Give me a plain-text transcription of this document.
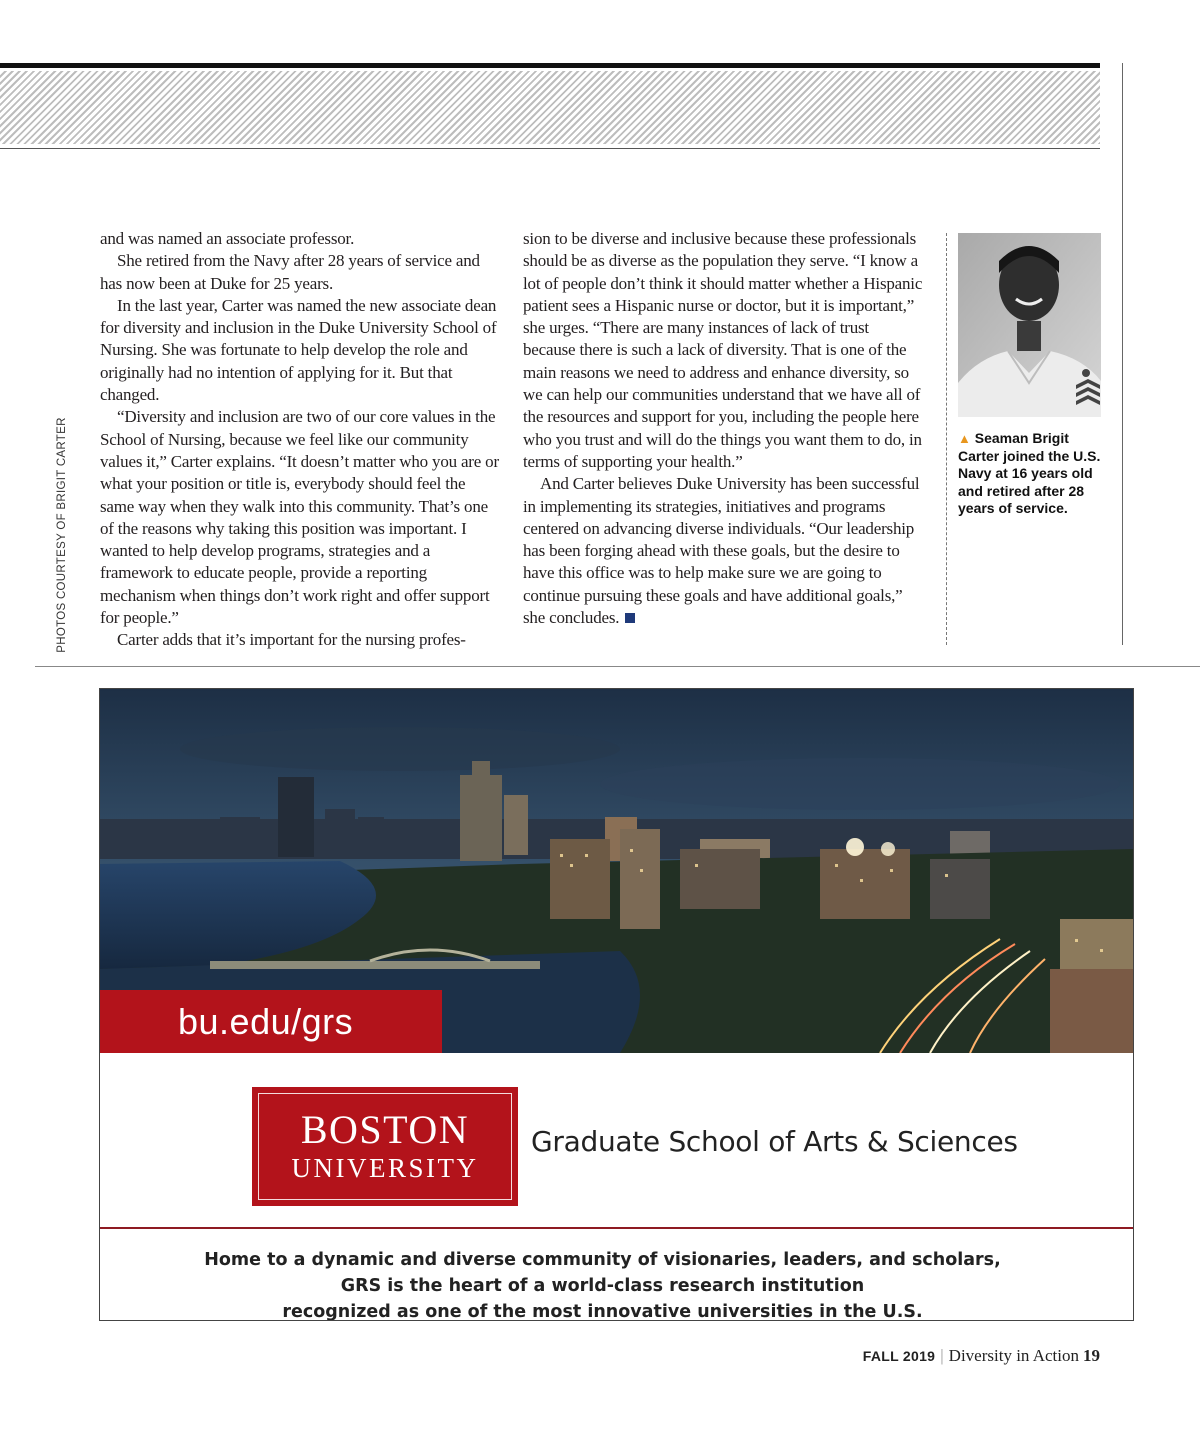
PHOTOS COURTESY OF BRIGIT CARTER

and was named an associate professor.

She retired from the Navy after 28 years of service and has now been at Duke for 25 years.

In the last year, Carter was named the new associate dean for diversity and inclusion in the Duke University School of Nursing. She was fortunate to help develop the role and originally had no intention of applying for it. But that changed.

“Diversity and inclusion are two of our core values in the School of Nursing, because we feel like our community values it,” Carter explains. “It doesn’t matter who you are or what your position or title is, everybody should feel the same way when they walk into this community. That’s one of the reasons why taking this position was important. I wanted to help develop programs, strategies and a framework to educate people, provide a reporting mechanism when things don’t work right and offer support for people.”

Carter adds that it’s important for the nursing profes-

sion to be diverse and inclusive because these professionals should be as diverse as the population they serve. “I know a lot of people don’t think it should matter whether a Hispanic patient sees a Hispanic nurse or doctor, but it is important,” she urges. “There are many instances of lack of trust because there is such a lack of diversity. That is one of the main reasons we need to address and enhance diversity, so we can help our communities understand that we have all of the resources and support for you, including the people here who you trust and will do the things you want them to do, in terms of supporting your health.”

And Carter believes Duke University has been successful in implementing its strategies, initiatives and programs centered on advancing diverse individuals. “Our leadership has been forging ahead with these goals, but the desire to have this office was to help make sure we are going to continue pursuing these goals and have additional goals,” she concludes.

▲ Seaman Brigit Carter joined the U.S. Navy at 16 years old and retired after 28 years of service.
bu.edu/grs
BOSTON
UNIVERSITY
Graduate School of Arts & Sciences
Home to a dynamic and diverse community of visionaries, leaders, and scholars,
GRS is the heart of a world-class research institution
recognized as one of the most innovative universities in the U.S.
FALL 2019 | Diversity in Action 19
